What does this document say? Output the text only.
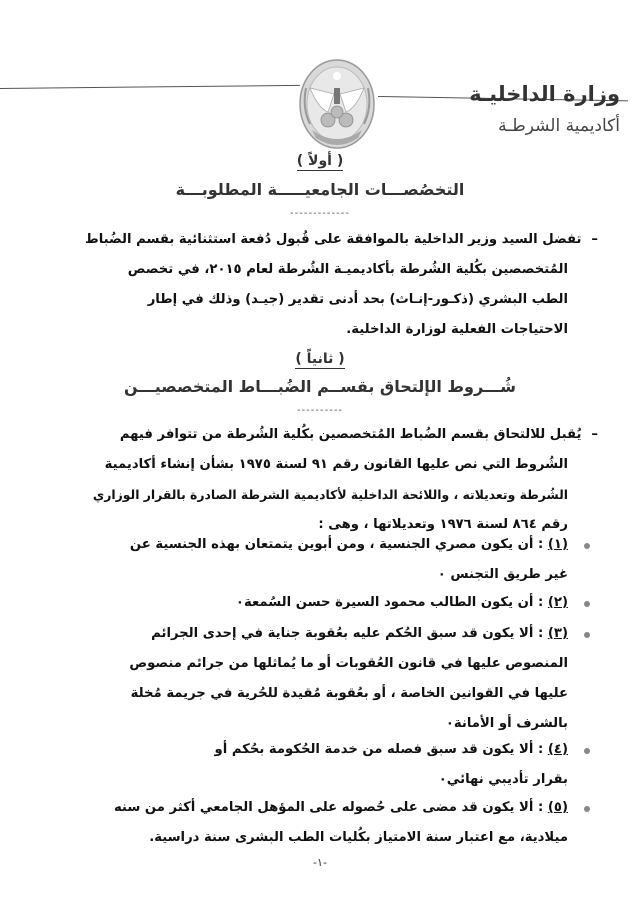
وزارة الداخليـة
أكاديمية الشرطـة
( أولاً )
التخصُصـــات الجامعيـــــة المطلوبـــة
-------------
–تفضل السيد وزير الداخلية بالموافقة على قُبول دُفعة استثنائية بقسم الضُباط
المُتخصصين بكُلية الشُرطة بأكاديميـة الشُرطة لعام ٢٠١٥، في تخصص
الطب البشري (ذكـور-إنـاث) بحد أدنى تقدير (جيـد) وذلك في إطار
الاحتياجات الفعلية لوزارة الداخلية.
( ثانياً )
شُـــروط الإلتحاق بقســم الضُبـــاط المتخصصيـــن
----------
–يُقبل للالتحاق بقسم الضُباط المُتخصصين بكُلية الشُرطة من تتوافر فيهم
الشُروط التي نص عليها القانون رقم ٩١ لسنة ١٩٧٥ بشأن إنشاء أكاديمية
الشُرطة وتعديلاته ، واللائحة الداخلية لأكاديمية الشرطة الصادرة بالقرار الوزاري
رقم ٨٦٤ لسنة ١٩٧٦ وتعديلاتها ، وهى :
(١) : أن يكون مصري الجنسية ، ومن أبوين يتمتعان بهذه الجنسية عن
غير طريق التجنس ٠
(٢) : أن يكون الطالب محمود السيرة حسن السُمعة٠
(٣) : ألا يكون قد سبق الحُكم عليه بعُقوبة جناية في إحدى الجرائم
المنصوص عليها في قانون العُقوبات أو ما يُماثلها من جرائم منصوص
عليها في القوانين الخاصة ، أو بعُقوبة مُقيدة للحُرية في جريمة مُخلة
بالشرف أو الأمانة٠
(٤) : ألا يكون قد سبق فصله من خدمة الحُكومة بحُكم أو
بقرار تأديبي نهائي٠
(٥) : ألا يكون قد مضى على حُصوله على المؤهل الجامعي أكثر من سنه
ميلادية، مع اعتبار سنة الامتياز بكُليات الطب البشرى سنة دراسية.
-١-
